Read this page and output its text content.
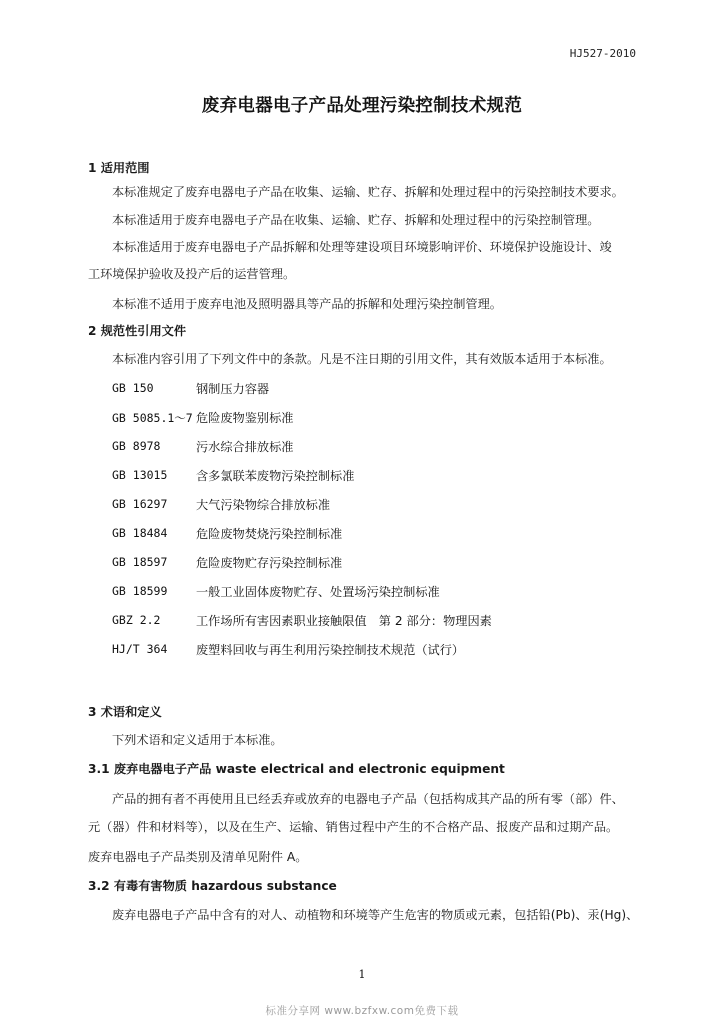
HJ527-2010
废弃电器电子产品处理污染控制技术规范
1 适用范围
本标准规定了废弃电器电子产品在收集、运输、贮存、拆解和处理过程中的污染控制技术要求。
本标准适用于废弃电器电子产品在收集、运输、贮存、拆解和处理过程中的污染控制管理。
本标准适用于废弃电器电子产品拆解和处理等建设项目环境影响评价、环境保护设施设计、竣
工环境保护验收及投产后的运营管理。
本标准不适用于废弃电池及照明器具等产品的拆解和处理污染控制管理。
2 规范性引用文件
本标准内容引用了下列文件中的条款。凡是不注日期的引用文件，其有效版本适用于本标准。
GB 150	钢制压力容器
GB 5085.1～7 危险废物鉴别标准
GB 8978	污水综合排放标准
GB 13015 含多氯联苯废物污染控制标准
GB 16297 大气污染物综合排放标准
GB 18484 危险废物焚烧污染控制标准
GB 18597 危险废物贮存污染控制标准
GB 18599 一般工业固体废物贮存、处置场污染控制标准
GBZ 2.2	工作场所有害因素职业接触限值　第 2 部分：物理因素
HJ/T 364 废塑料回收与再生利用污染控制技术规范（试行）
3 术语和定义
下列术语和定义适用于本标准。
3.1 废弃电器电子产品 waste electrical and electronic equipment
产品的拥有者不再使用且已经丢弃或放弃的电器电子产品（包括构成其产品的所有零（部）件、
元（器）件和材料等），以及在生产、运输、销售过程中产生的不合格产品、报废产品和过期产品。
废弃电器电子产品类别及清单见附件 A。
3.2 有毒有害物质 hazardous substance
废弃电器电子产品中含有的对人、动植物和环境等产生危害的物质或元素，包括铅(Pb)、汞(Hg)、
1
标准分享网 www.bzfxw.com免费下载
